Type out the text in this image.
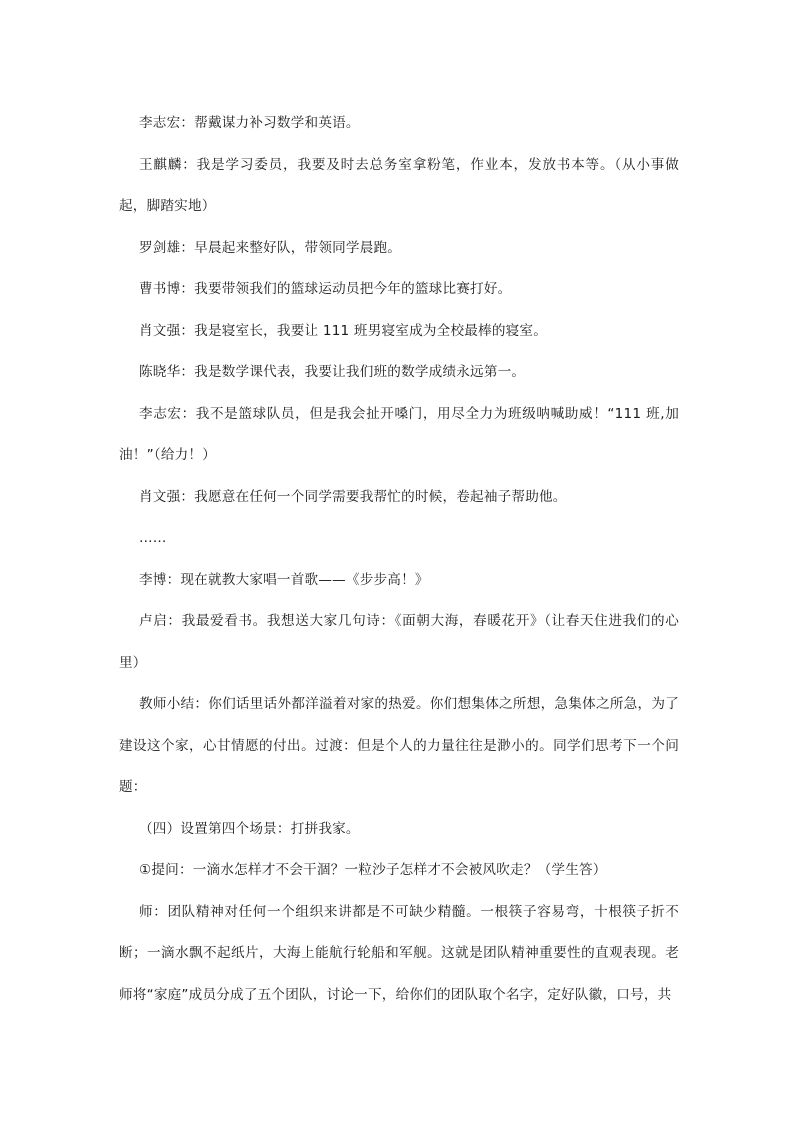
李志宏：帮戴谋力补习数学和英语。

王麒麟：我是学习委员，我要及时去总务室拿粉笔，作业本，发放书本等。（从小事做起，脚踏实地）

罗剑雄：早晨起来整好队，带领同学晨跑。

曹书博：我要带领我们的篮球运动员把今年的篮球比赛打好。

肖文强：我是寝室长，我要让 111 班男寝室成为全校最棒的寝室。

陈晓华：我是数学课代表，我要让我们班的数学成绩永远第一。

李志宏：我不是篮球队员，但是我会扯开嗓门，用尽全力为班级呐喊助威！“111 班,加油！”（给力！）

肖文强：我愿意在任何一个同学需要我帮忙的时候，卷起袖子帮助他。

……

李博：现在就教大家唱一首歌——《步步高！》

卢启：我最爱看书。我想送大家几句诗：《面朝大海，春暖花开》（让春天住进我们的心里）

教师小结：你们话里话外都洋溢着对家的热爱。你们想集体之所想，急集体之所急，为了建设这个家，心甘情愿的付出。过渡：但是个人的力量往往是渺小的。同学们思考下一个问题：

（四）设置第四个场景：打拼我家。

①提问：一滴水怎样才不会干涸？一粒沙子怎样才不会被风吹走？（学生答）

师：团队精神对任何一个组织来讲都是不可缺少精髓。一根筷子容易弯，十根筷子折不断；一滴水飘不起纸片，大海上能航行轮船和军舰。这就是团队精神重要性的直观表现。老师将“家庭”成员分成了五个团队，讨论一下，给你们的团队取个名字，定好队徽，口号，共
